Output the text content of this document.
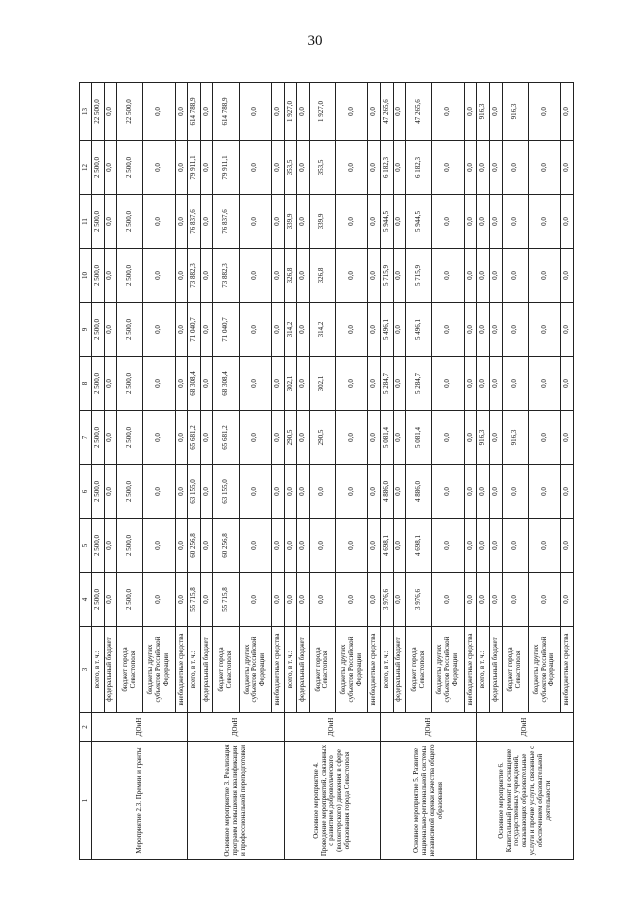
30
1	2	3	4	5	6	7	8	9	10	11	12	13
Мероприятие 2.3. Премии и гранты	ДОиН	всего, в т. ч.:	2 500,0	2 500,0	2 500,0	2 500,0	2 500,0	2 500,0	2 500,0	2 500,0	2 500,0	22 500,0
		федеральный бюджет	0,0	0,0	0,0	0,0	0,0	0,0	0,0	0,0	0,0	0,0
		бюджет города Севастополя	2 500,0	2 500,0	2 500,0	2 500,0	2 500,0	2 500,0	2 500,0	2 500,0	2 500,0	22 500,0
		бюджеты других субъектов Российской Федерации	0,0	0,0	0,0	0,0	0,0	0,0	0,0	0,0	0,0	0,0
		внебюджетные средства	0,0	0,0	0,0	0,0	0,0	0,0	0,0	0,0	0,0	0,0
Основное мероприятие 3. Реализация программ повышения квалификации и профессиональной переподготовки	ДОиН	всего, в т. ч.:	55 715,8	60 256,8	63 155,0	65 681,2	68 308,4	71 040,7	73 882,3	76 837,6	79 911,1	614 788,9
		федеральный бюджет	0,0	0,0	0,0	0,0	0,0	0,0	0,0	0,0	0,0	0,0
		бюджет города Севастополя	55 715,8	60 256,8	63 155,0	65 681,2	68 308,4	71 040,7	73 882,3	76 837,6	79 911,1	614 788,9
		бюджеты других субъектов Российской Федерации	0,0	0,0	0,0	0,0	0,0	0,0	0,0	0,0	0,0	0,0
		внебюджетные средства	0,0	0,0	0,0	0,0	0,0	0,0	0,0	0,0	0,0	0,0
Основное мероприятие 4. Проведение мероприятий, связанных с развитием добровольческого (волонтерского) движения в сфере образования города Севастополя	ДОиН	всего, в т. ч.:	0,0	0,0	0,0	290,5	302,1	314,2	326,8	339,9	353,5	1 927,0
		федеральный бюджет	0,0	0,0	0,0	0,0	0,0	0,0	0,0	0,0	0,0	0,0
		бюджет города Севастополя	0,0	0,0	0,0	290,5	302,1	314,2	326,8	339,9	353,5	1 927,0
		бюджеты других субъектов Российской Федерации	0,0	0,0	0,0	0,0	0,0	0,0	0,0	0,0	0,0	0,0
		внебюджетные средства	0,0	0,0	0,0	0,0	0,0	0,0	0,0	0,0	0,0	0,0
Основное мероприятие 5. Развитие национально-региональной системы независимой оценки качества общего образования	ДОиН	всего, в т. ч.:	3 976,6	4 698,1	4 886,0	5 081,4	5 284,7	5 496,1	5 715,9	5 944,5	6 182,3	47 265,6
		федеральный бюджет	0,0	0,0	0,0	0,0	0,0	0,0	0,0	0,0	0,0	0,0
		бюджет города Севастополя	3 976,6	4 698,1	4 886,0	5 081,4	5 284,7	5 496,1	5 715,9	5 944,5	6 182,3	47 265,6
		бюджеты других субъектов Российской Федерации	0,0	0,0	0,0	0,0	0,0	0,0	0,0	0,0	0,0	0,0
		внебюджетные средства	0,0	0,0	0,0	0,0	0,0	0,0	0,0	0,0	0,0	0,0
Основное мероприятие 6. Капитальный ремонт и оснащение государственных учреждений, оказывающих образовательные услуги и прочие услуги, связанные с обеспечением образовательной деятельности	ДОиН	всего, в т. ч.:	0,0	0,0	0,0	916,3	0,0	0,0	0,0	0,0	0,0	916,3
		федеральный бюджет	0,0	0,0	0,0	0,0	0,0	0,0	0,0	0,0	0,0	0,0
		бюджет города Севастополя	0,0	0,0	0,0	916,3	0,0	0,0	0,0	0,0	0,0	916,3
		бюджеты других субъектов Российской Федерации	0,0	0,0	0,0	0,0	0,0	0,0	0,0	0,0	0,0	0,0
		внебюджетные средства	0,0	0,0	0,0	0,0	0,0	0,0	0,0	0,0	0,0	0,0
